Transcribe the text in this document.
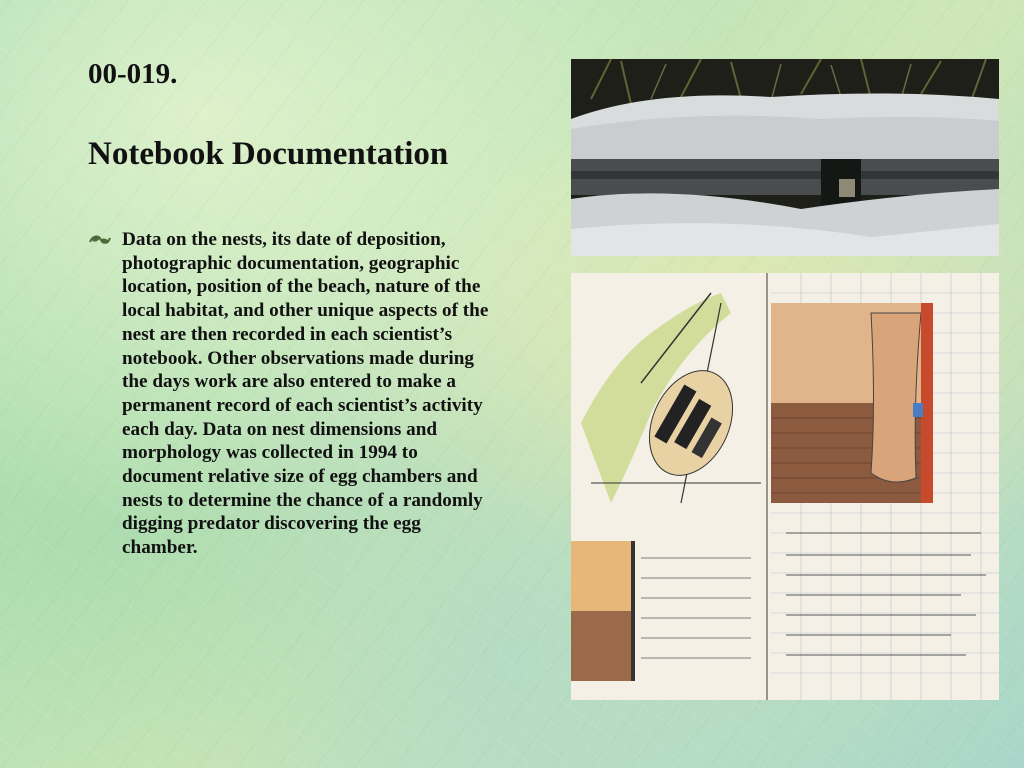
00-019.
Notebook Documentation

Data on the nests, its date of deposition, photographic documentation, geographic location, position of the beach, nature of the local habitat, and other unique aspects of the nest are then recorded in each scientist’s notebook. Other observations made during the days work are also entered to make a permanent record of each scientist’s activity each day. Data on nest dimensions and morphology was collected in 1994 to document relative size of egg chambers and nests to determine the chance of a randomly digging predator discovering the egg chamber.
